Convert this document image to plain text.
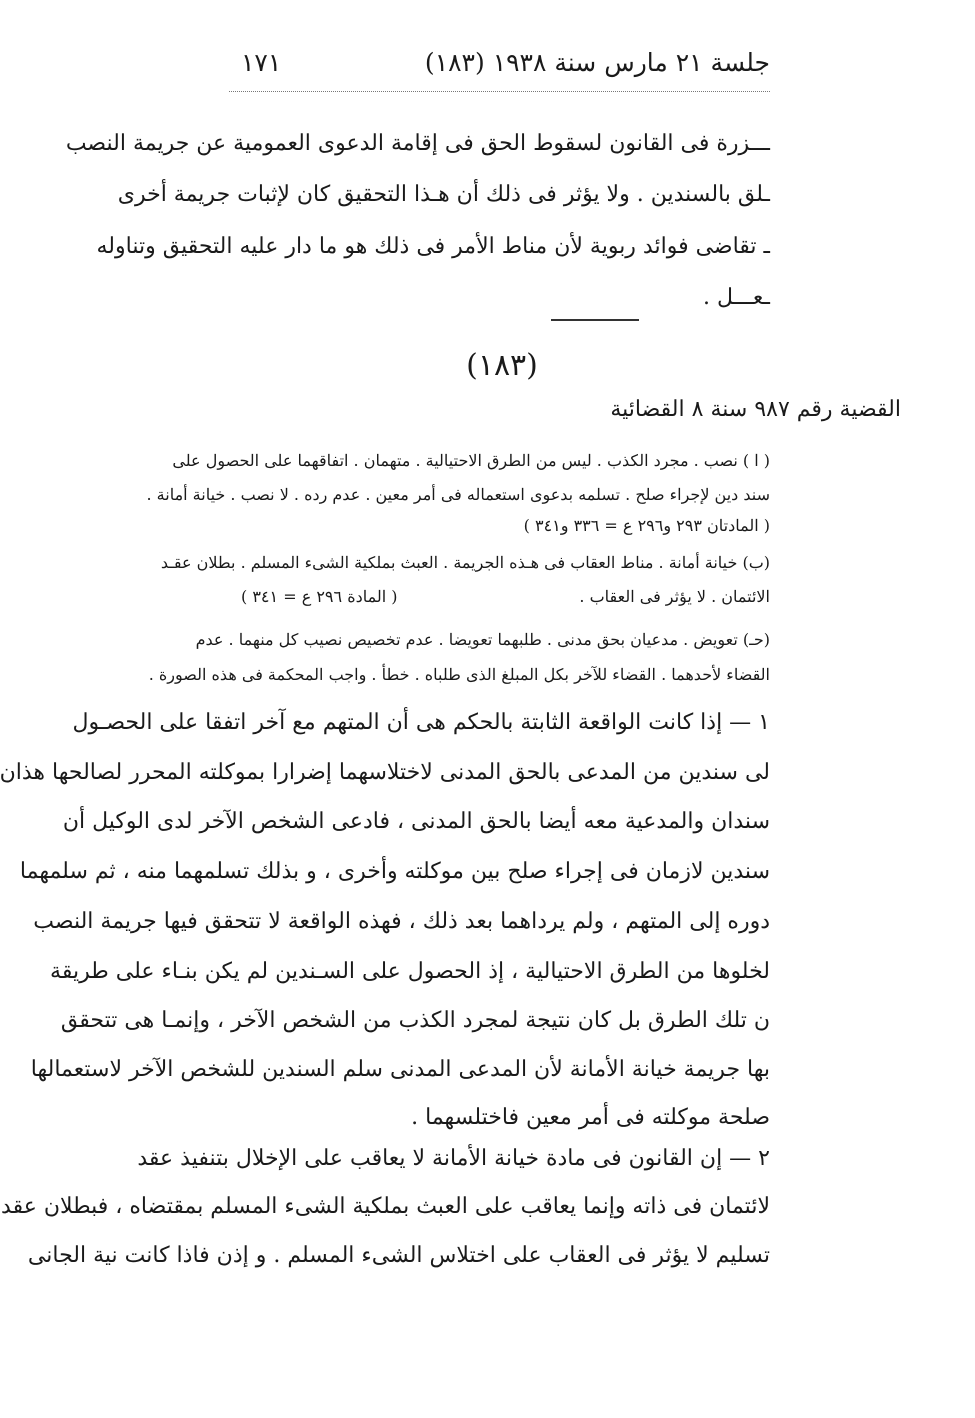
جلسة ٢١ مارس سنة ١٩٣٨ (١٨٣)
١٧١
ـــزرة فى القانون لسقوط الحق فى إقامة الدعوى العمومية عن جريمة النصب
ـلق بالسندين . ولا يؤثر فى ذلك أن هـذا التحقيق كان لإثبات جريمة أخرى
ـ تقاضى فوائد ربوية لأن مناط الأمر فى ذلك هو ما دار عليه التحقيق وتناوله
ـعـــل .
(١٨٣)
القضية رقم ٩٨٧ سنة ٨ القضائية
( ا ) نصب . مجرد الكذب . ليس من الطرق الاحتيالية . متهمان . اتفاقهما على الحصول على
سند دين لإجراء صلح . تسلمه بدعوى استعماله فى أمر معين . عدم رده . لا نصب . خيانة أمانة .
( المادتان ٢٩٣ و٢٩٦ ع = ٣٣٦ و٣٤١ )
(ب) خيانة أمانة . مناط العقاب فى هـذه الجريمة . العبث بملكية الشىء المسلم . بطلان عقـد
الائتمان . لا يؤثر فى العقاب .
( المادة ٢٩٦ ع = ٣٤١ )
(حـ) تعويض . مدعيان بحق مدنى . طلبهما تعويضا . عدم تخصيص نصيب كل منهما . عدم
القضاء لأحدهما . القضاء للآخر بكل المبلغ الذى طلباه . خطأ . واجب المحكمة فى هذه الصورة .
١ — إذا كانت الواقعة الثابتة بالحكم هى أن المتهم مع آخر اتفقا على الحصـول
لى سندين من المدعى بالحق المدنى لاختلاسهما إضرارا بموكلته المحرر لصالحها هذان
سندان والمدعية معه أيضا بالحق المدنى ، فادعى الشخص الآخر لدى الوكيل أن
سندين لازمان فى إجراء صلح بين موكلته وأخرى ، و بذلك تسلمهما منه ، ثم سلمهما
دوره إلى المتهم ، ولم يرداهما بعد ذلك ، فهذه الواقعة لا تتحقق فيها جريمة النصب
لخلوها من الطرق الاحتيالية ، إذ الحصول على السـندين لم يكن بنـاء على طريقة
ن تلك الطرق بل كان نتيجة لمجرد الكذب من الشخص الآخر ، وإنمـا هى تتحقق
بها جريمة خيانة الأمانة لأن المدعى المدنى سلم السندين للشخص الآخر لاستعمالها
صلحة موكلته فى أمر معين فاختلسهما .
٢ — إن القانون فى مادة خيانة الأمانة لا يعاقب على الإخلال بتنفيذ عقد
لائتمان فى ذاته وإنما يعاقب على العبث بملكية الشىء المسلم بمقتضاه ، فبطلان عقد
تسليم لا يؤثر فى العقاب على اختلاس الشىء المسلم . و إذن فاذا كانت نية الجانى
